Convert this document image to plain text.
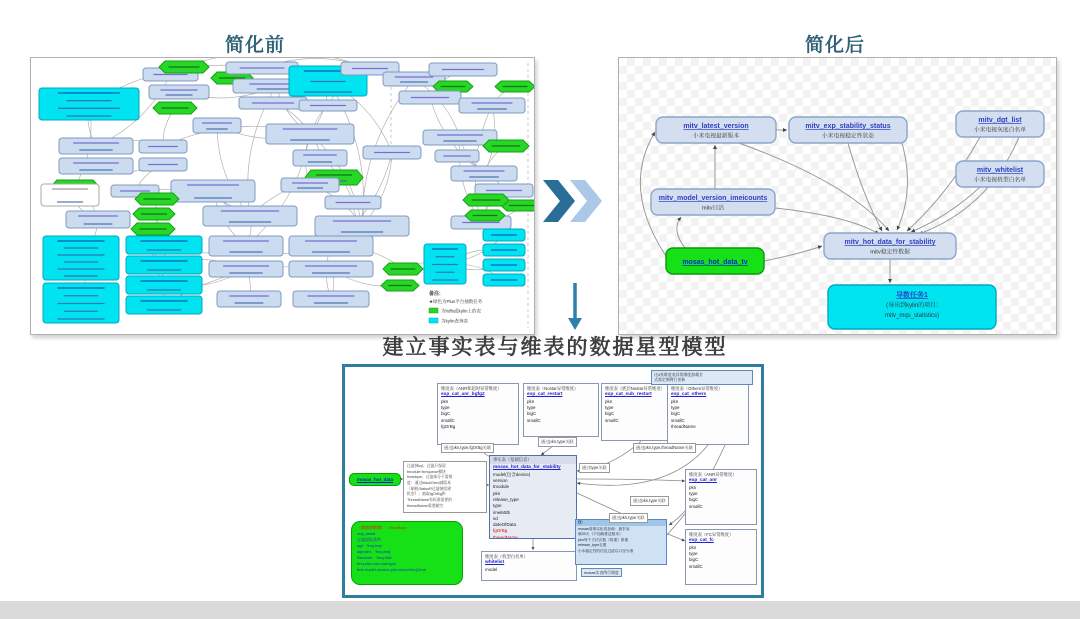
简化前	简化后
备注:
★绿色为Plus平台抽数任务
为hdfs或kylin上的表
为kylin查询表
mitv_latest_version
小米电视最新版本
mitv_exp_stability_status
小米电视稳定性状态
mitv_dgt_list
小米电视灰度白名单
mitv_whitelist
小米电视机型白名单
mitv_model_version_imeicounts
mitv日活
mitv_hot_data_for_stability
mitv稳定性数据
mosas_hot_data_tv
导数任务1
(导出到kylin的项目:
mitv_mqs_statistics)
建立事实表与维表的数据星型模型
维度表（ANR和超时异常维度）
exp_cat_anr_bgfg2
pkn
type
bigC
smallC
fgOrBg
维度表（Nostar异常维度）
exp_cat_restart
pkn
type
bigC
smallC
维度表（底层Nostar异常维度）
exp_cat_sub_restart
pkn
type
bigC
smallC
维度表（Others异常维度）
exp_cat_others
pkn
type
bigC
smallC
threadName
维度表（ANR异常维度）
exp_cat_anr
pkn
type
bigC
smallC
维度表（FC异常维度）
exp_cat_fc
pkn
type
bigC
smallC
维度表（机型白名单）
whitelist
model
事实表（基础信息）
mosas_hot_data_for_stability
model(包含device)
version
tmodule
pkn
release_type
type
imeiMd5
sd
dateOfData
fgOrBg
threadName
通过pkn,type,fgOrBg关联
通过pkn,type关联
通过pkn,type,threadName关联
通过type关联
通过pkn,type关联
通过pkn,type关联
这4张维度表异常维度加载方
式需定期例行更新
过滤掉kyl；过滤只保留
tmodule:fxmqueue模块
freadque；过滤部分不需维
度：通过blackGerd减版本
（刷机StatusR过滤掉组建
机型）；抽取fgOrBg和
ThreadName有标准需要的
threadName需要赋空
mosas_hot_data
（原始表数据）：HiveBase
mql_detail
过滤提取条件:
agt：'fmq.fmp'
agindex：'fmq.fmq'
filename：'fmq.fmb'
fmq.elec.ssm.dat.type:
fmb.model.version.pkn.icloud.tmqCime
注:
mosas需事实化的加载：最多加
载30天（不加载推送版本）
pkn每个方法次数（排重）排重
release_type去重
小米稳定性的信息过滤以口径为准
mosas实表例行调度
